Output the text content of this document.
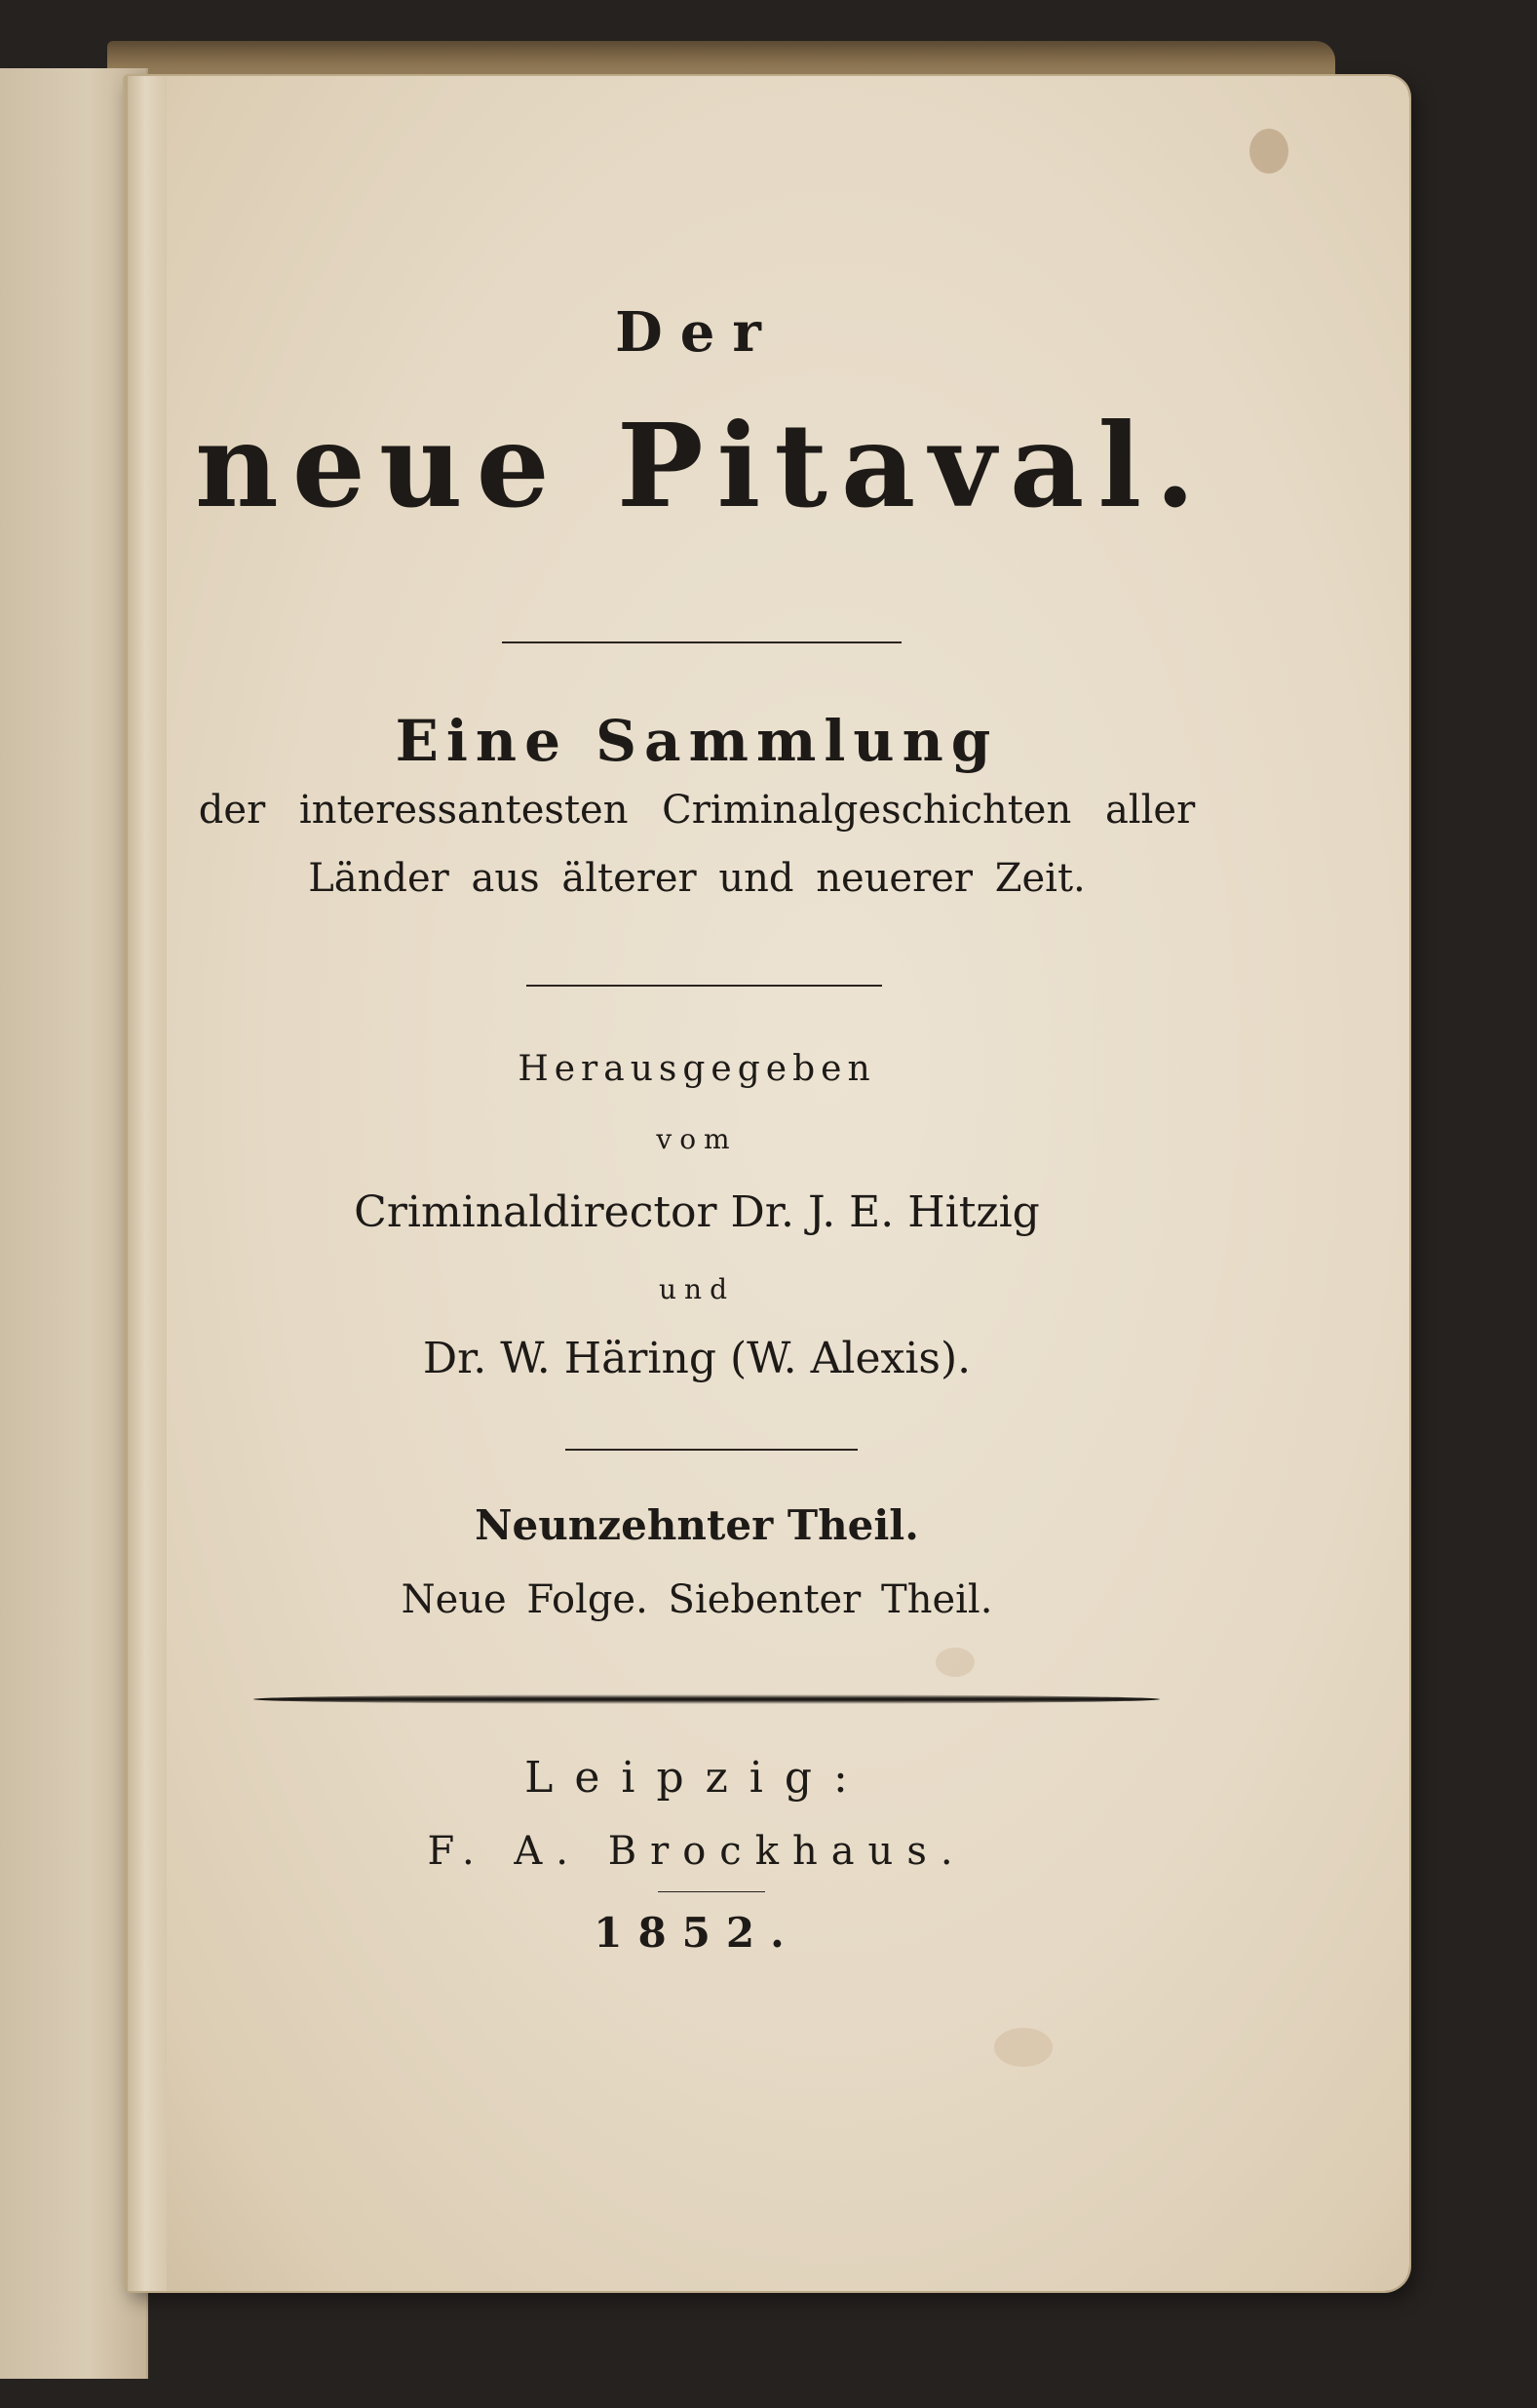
Der
neue Pitaval.
Eine Sammlung
der interessantesten Criminalgeschichten aller
Länder aus älterer und neuerer Zeit.
Herausgegeben
vom
Criminaldirector Dr. J. E. Hitzig
und
Dr. W. Häring (W. Alexis).
Neunzehnter Theil.
Neue Folge. Siebenter Theil.
Leipzig:
F. A. Brockhaus.
1852.
